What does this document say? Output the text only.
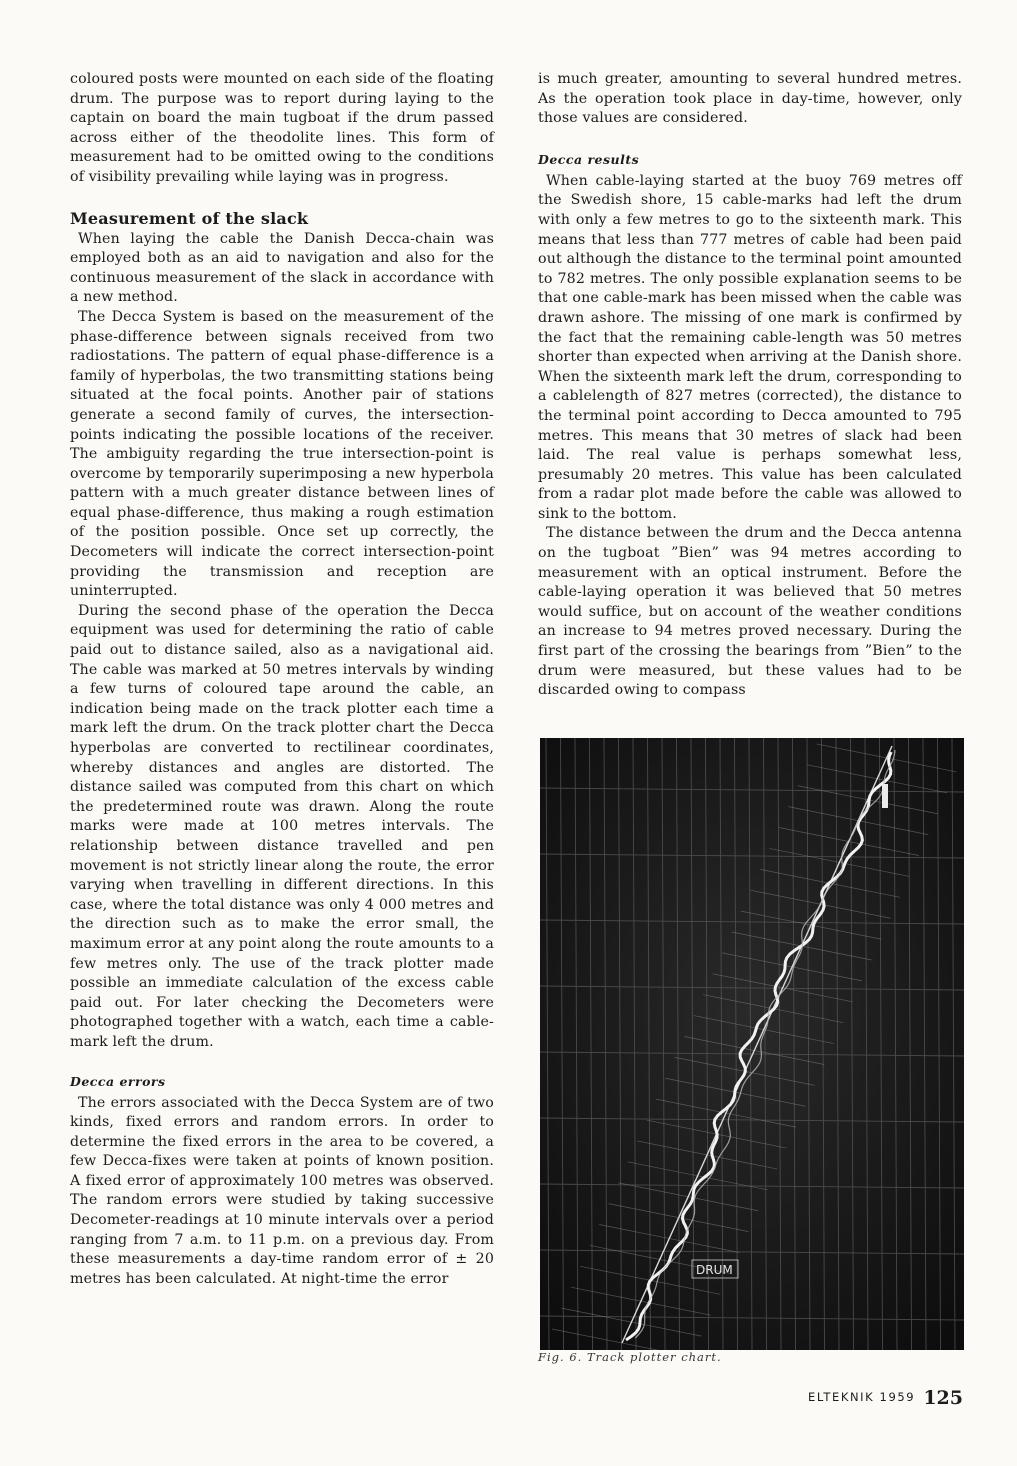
coloured posts were mounted on each side of the floating drum. The purpose was to report during laying to the captain on board the main tugboat if the drum passed across either of the theodolite lines. This form of measurement had to be omitted owing to the conditions of visibility prevailing while laying was in progress.

Measurement of the slack

When laying the cable the Danish Decca-chain was employed both as an aid to navigation and also for the continuous measurement of the slack in accordance with a new method.

The Decca System is based on the measurement of the phase-difference between signals received from two radiostations. The pattern of equal phase-difference is a family of hyperbolas, the two transmitting stations being situated at the focal points. Another pair of stations generate a second family of curves, the intersection-points indicating the possible locations of the receiver. The ambiguity regarding the true intersection-point is overcome by temporarily superimposing a new hyperbola pattern with a much greater distance between lines of equal phase-difference, thus making a rough estimation of the position possible. Once set up correctly, the Decometers will indicate the correct intersection-point providing the transmission and reception are uninterrupted.

During the second phase of the operation the Decca equipment was used for determining the ratio of cable paid out to distance sailed, also as a navigational aid. The cable was marked at 50 metres intervals by winding a few turns of coloured tape around the cable, an indication being made on the track plotter each time a mark left the drum. On the track plotter chart the Decca hyperbolas are converted to rectilinear coordinates, whereby distances and angles are distorted. The distance sailed was computed from this chart on which the predetermined route was drawn. Along the route marks were made at 100 metres intervals. The relationship between distance travelled and pen movement is not strictly linear along the route, the error varying when travelling in different directions. In this case, where the total distance was only 4 000 metres and the direction such as to make the error small, the maximum error at any point along the route amounts to a few metres only. The use of the track plotter made possible an immediate calculation of the excess cable paid out. For later checking the Decometers were photographed together with a watch, each time a cable-mark left the drum.

Decca errors

The errors associated with the Decca System are of two kinds, fixed errors and random errors. In order to determine the fixed errors in the area to be covered, a few Decca-fixes were taken at points of known position. A fixed error of approximately 100 metres was observed. The random errors were studied by taking successive Decometer-readings at 10 minute intervals over a period ranging from 7 a.m. to 11 p.m. on a previous day. From these measurements a day-time random error of ± 20 metres has been calculated. At night-time the error

is much greater, amounting to several hundred metres. As the operation took place in day-time, however, only those values are considered.

Decca results

When cable-laying started at the buoy 769 metres off the Swedish shore, 15 cable-marks had left the drum with only a few metres to go to the sixteenth mark. This means that less than 777 metres of cable had been paid out although the distance to the terminal point amounted to 782 metres. The only possible explanation seems to be that one cable-mark has been missed when the cable was drawn ashore. The missing of one mark is confirmed by the fact that the remaining cable-length was 50 metres shorter than expected when arriving at the Danish shore. When the sixteenth mark left the drum, corresponding to a cablelength of 827 metres (corrected), the distance to the terminal point according to Decca amounted to 795 metres. This means that 30 metres of slack had been laid. The real value is perhaps somewhat less, presumably 20 metres. This value has been calculated from a radar plot made before the cable was allowed to sink to the bottom.

The distance between the drum and the Decca antenna on the tugboat ”Bien” was 94 metres according to measurement with an optical instrument. Before the cable-laying operation it was believed that 50 metres would suffice, but on account of the weather conditions an increase to 94 metres proved necessary. During the first part of the crossing the bearings from ”Bien” to the drum were measured, but these values had to be discarded owing to compass

DRUM
Fig. 6. Track plotter chart.
ELTEKNIK 1959 125
